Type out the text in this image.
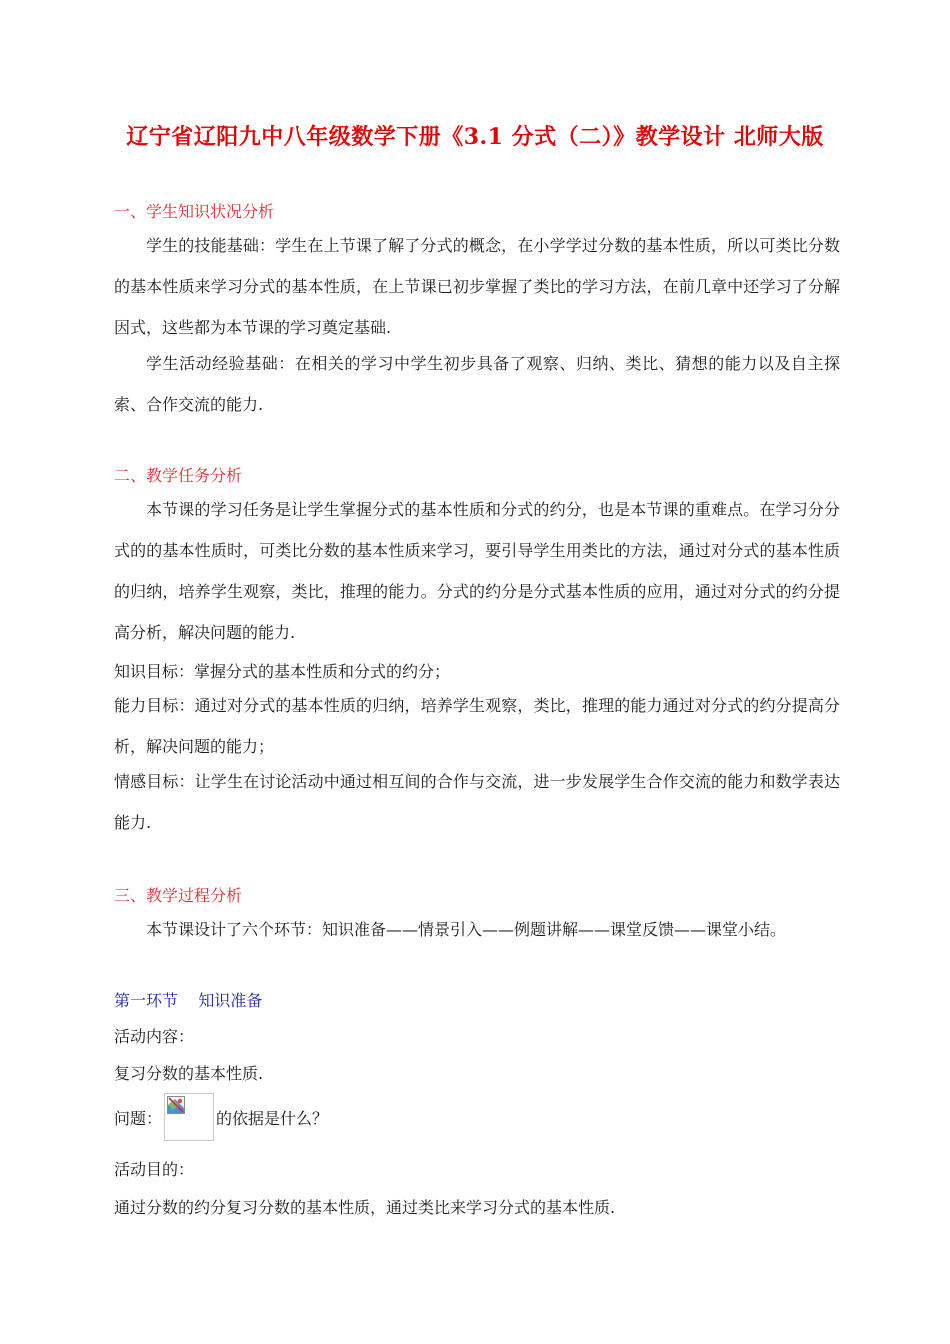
辽宁省辽阳九中八年级数学下册《3.1 分式（二）》教学设计 北师大版
一、学生知识状况分析

学生的技能基础：学生在上节课了解了分式的概念，在小学学过分数的基本性质，所以可类比分数的基本性质来学习分式的基本性质，在上节课已初步掌握了类比的学习方法，在前几章中还学习了分解因式，这些都为本节课的学习奠定基础.

学生活动经验基础：在相关的学习中学生初步具备了观察、归纳、类比、猜想的能力以及自主探索、合作交流的能力.

二、教学任务分析

本节课的学习任务是让学生掌握分式的基本性质和分式的约分，也是本节课的重难点。在学习分分式的的基本性质时，可类比分数的基本性质来学习，要引导学生用类比的方法，通过对分式的基本性质的归纳，培养学生观察，类比，推理的能力。分式的约分是分式基本性质的应用，通过对分式的约分提高分析，解决问题的能力.

知识目标：掌握分式的基本性质和分式的约分；

能力目标：通过对分式的基本性质的归纳，培养学生观察，类比，推理的能力通过对分式的约分提高分析，解决问题的能力；

情感目标：让学生在讨论活动中通过相互间的合作与交流，进一步发展学生合作交流的能力和数学表达能力.

三、教学过程分析

本节课设计了六个环节：知识准备——情景引入——例题讲解——课堂反馈——课堂小结。

第一环节    知识准备
活动内容：
复习分数的基本性质.
问题：	的依据是什么？
活动目的：
通过分数的约分复习分数的基本性质，通过类比来学习分式的基本性质.
